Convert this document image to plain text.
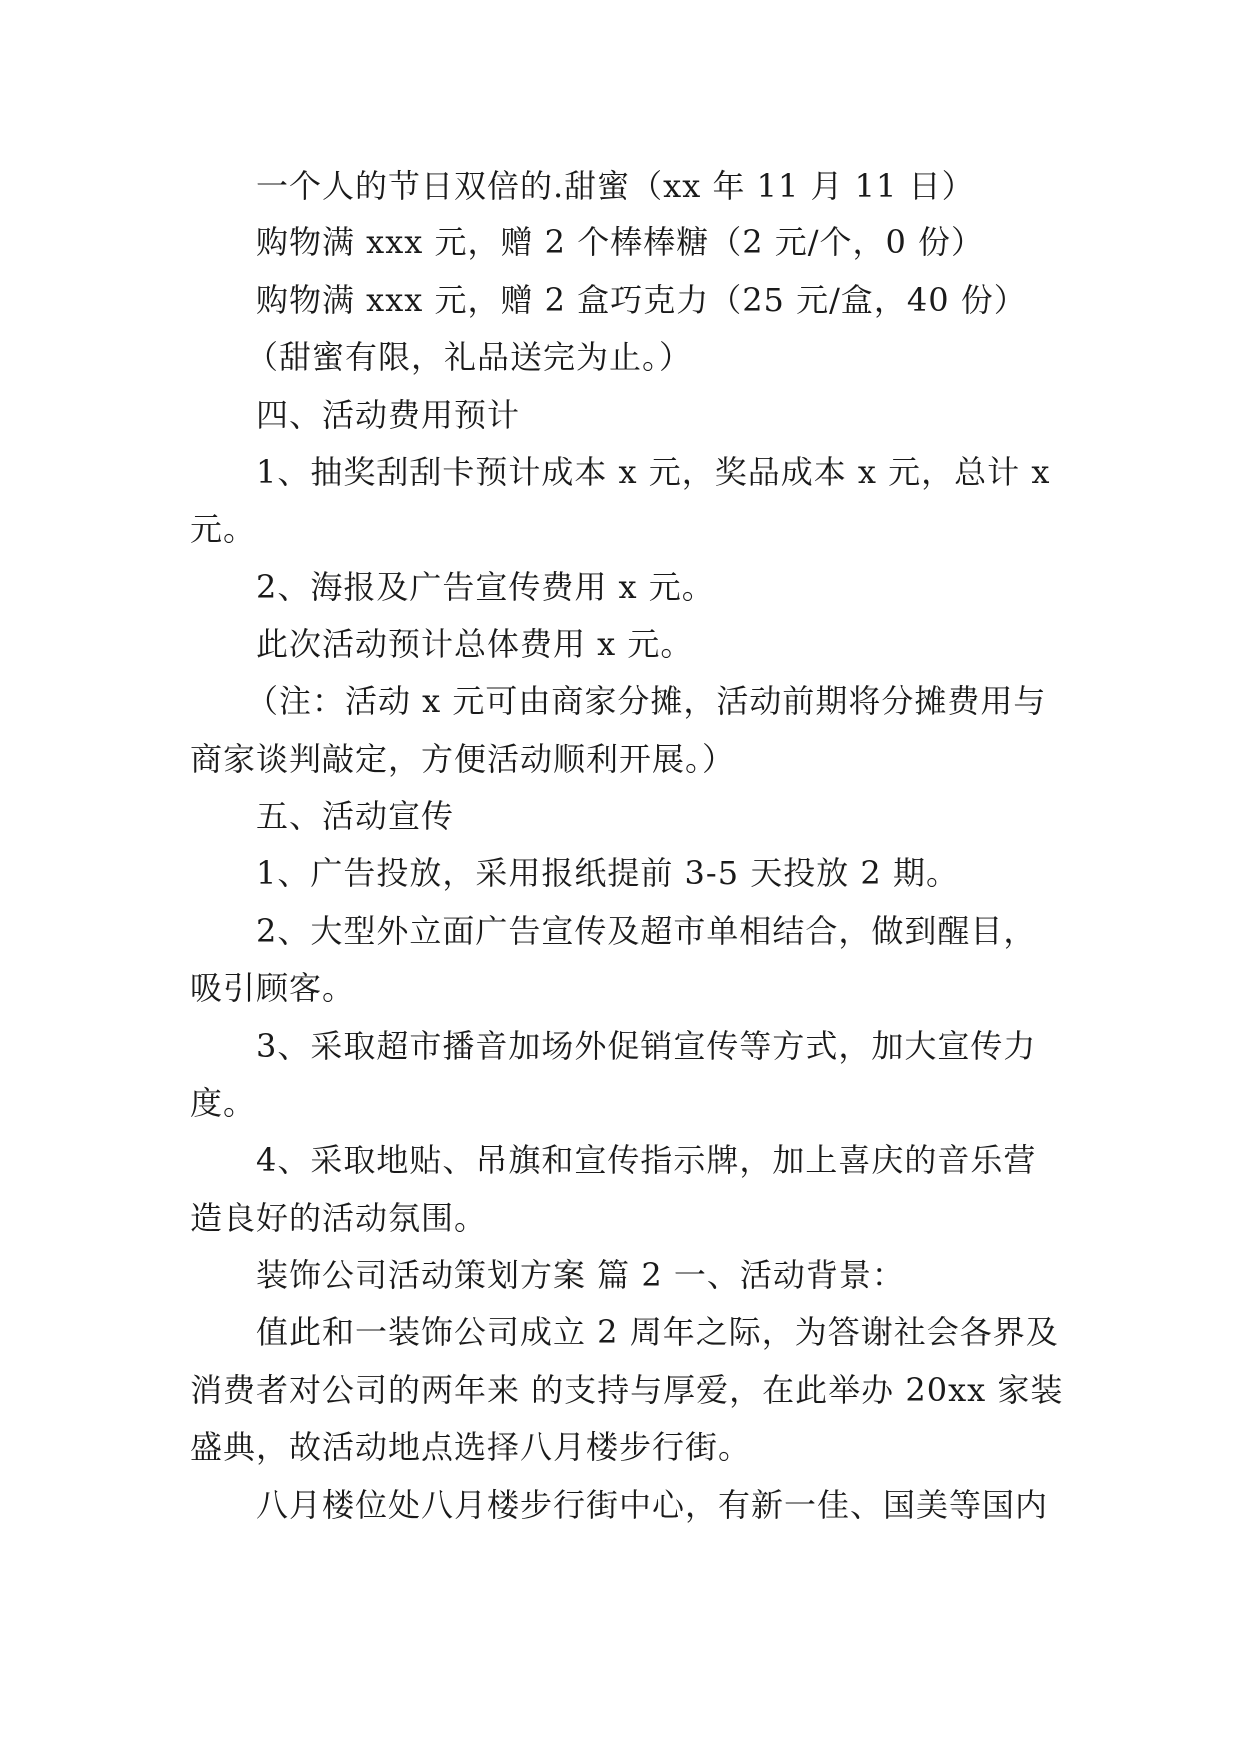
一个人的节日双倍的.甜蜜（xx 年 11 月 11 日）

购物满 xxx 元，赠 2 个棒棒糖（2 元/个，0 份）

购物满 xxx 元，赠 2 盒巧克力（25 元/盒，40 份）

（甜蜜有限，礼品送完为止。）

四、活动费用预计

1、抽奖刮刮卡预计成本 x 元，奖品成本 x 元，总计 x

元。

2、海报及广告宣传费用 x 元。

此次活动预计总体费用 x 元。

（注：活动 x 元可由商家分摊，活动前期将分摊费用与

商家谈判敲定，方便活动顺利开展。）

五、活动宣传

1、广告投放，采用报纸提前 3-5 天投放 2 期。

2、大型外立面广告宣传及超市单相结合，做到醒目，

吸引顾客。

3、采取超市播音加场外促销宣传等方式，加大宣传力

度。

4、采取地贴、吊旗和宣传指示牌，加上喜庆的音乐营

造良好的活动氛围。

装饰公司活动策划方案 篇 2 一、活动背景：

值此和一装饰公司成立 2 周年之际，为答谢社会各界及

消费者对公司的两年来 的支持与厚爱，在此举办 20xx 家装

盛典，故活动地点选择八月楼步行街。

八月楼位处八月楼步行街中心，有新一佳、国美等国内
